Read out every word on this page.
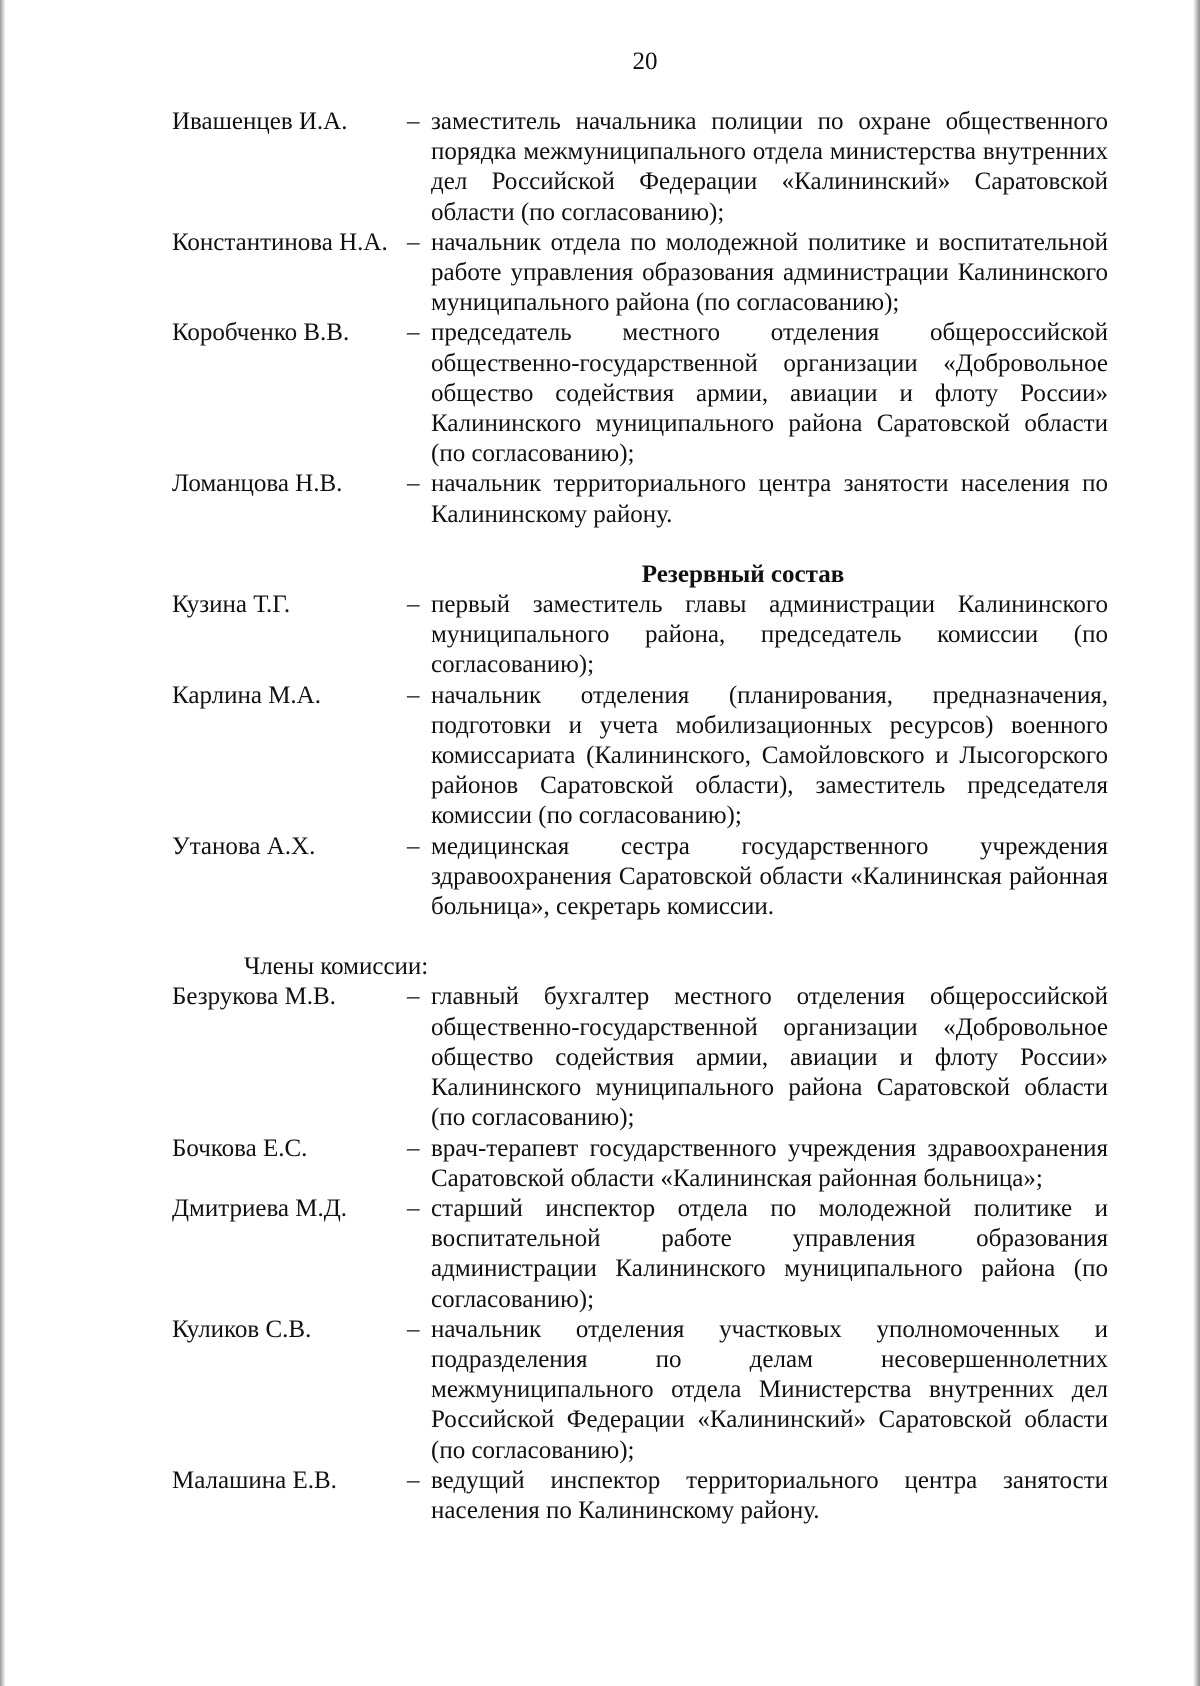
20
Ивашенцев И.А.	– заместитель начальника полиции по охране общественного порядка межмуниципального отдела министерства внутренних дел Российской Федерации «Калининский» Саратовской области (по согласованию);
Константинова Н.А. – начальник отдела по молодежной политике и воспитательной работе управления образования администрации Калининского муниципального района (по согласованию);
Коробченко В.В.	– председатель местного отделения общероссийской общественно-государственной организации «Добровольное общество содействия армии, авиации и флоту России» Калининского муниципального района Саратовской области (по согласованию);
Ломанцова Н.В.	– начальник территориального центра занятости населения по Калининскому району.
Резервный состав
Кузина Т.Г.	– первый заместитель главы администрации Калининского муниципального района, председатель комиссии (по согласованию);
Карлина М.А.	– начальник отделения (планирования, предназначения, подготовки и учета мобилизационных ресурсов) военного комиссариата (Калининского, Самойловского и Лысогорского районов Саратовской области), заместитель председателя комиссии (по согласованию);
Утанова А.Х.	– медицинская сестра государственного учреждения здравоохранения Саратовской области «Калининская районная больница», секретарь комиссии.
Члены комиссии:
Безрукова М.В.	– главный бухгалтер местного отделения общероссийской общественно-государственной организации «Добровольное общество содействия армии, авиации и флоту России» Калининского муниципального района Саратовской области (по согласованию);
Бочкова Е.С.	– врач-терапевт государственного учреждения здравоохранения Саратовской области «Калининская районная больница»;
Дмитриева М.Д.	– старший инспектор отдела по молодежной политике и воспитательной работе управления образования администрации Калининского муниципального района (по согласованию);
Куликов С.В.	– начальник отделения участковых уполномоченных и подразделения по делам несовершеннолетних межмуниципального отдела Министерства внутренних дел Российской Федерации «Калининский» Саратовской области (по согласованию);
Малашина Е.В.	– ведущий инспектор территориального центра занятости населения по Калининскому району.
